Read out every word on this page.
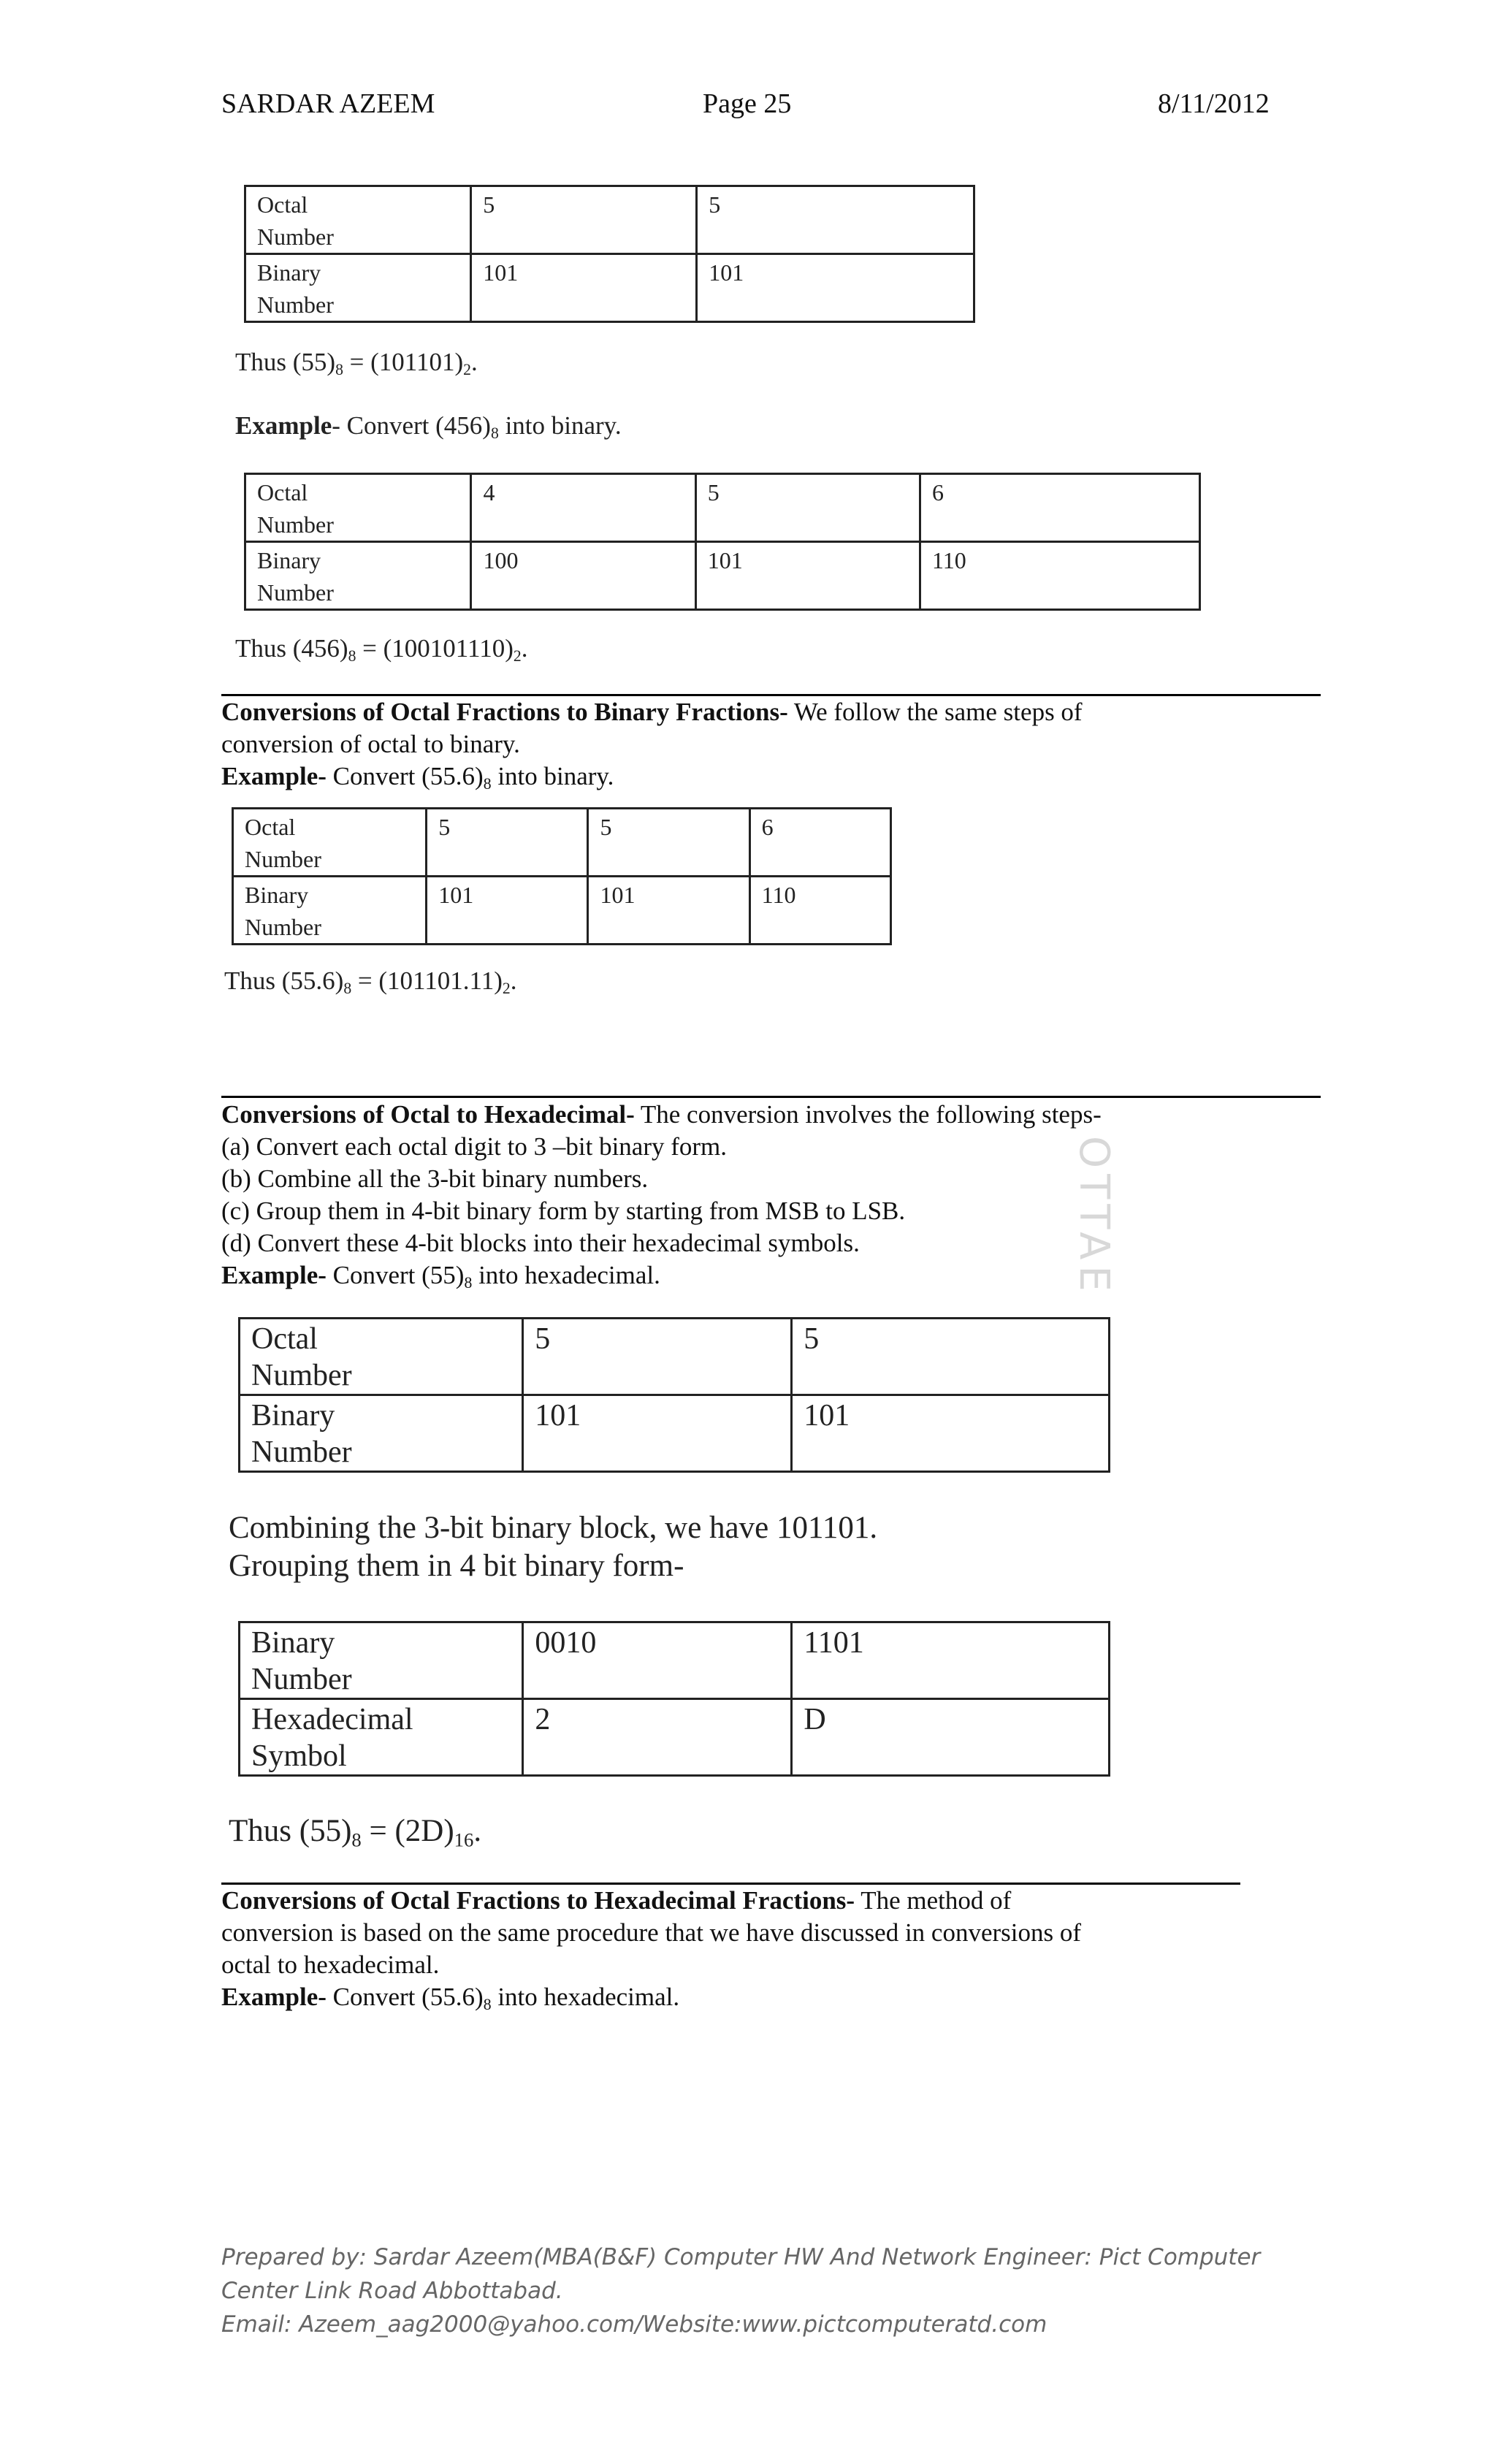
SARDAR AZEEM	Page 25	8/11/2012
Octal
Number	5	5
Binary
Number	101	101
Thus $(55)_8 = (101101)_2$.
Example- Convert $(456)_8$ into binary.
Octal
Number	4	5	6
Binary
Number	100	101	110
Thus $(456)_8 = (100101110)_2$.
Conversions of Octal Fractions to Binary Fractions- We follow the same steps of
conversion of octal to binary.
Example- Convert $(55.6)_8$ into binary.
Octal
Number	5	5	6
Binary
Number	101	101	110
Thus $(55.6)_8 = (101101.11)_2$.
OTTAE
Conversions of Octal to Hexadecimal- The conversion involves the following steps-
(a) Convert each octal digit to 3 –bit binary form.
(b) Combine all the 3-bit binary numbers.
(c) Group them in 4-bit binary form by starting from MSB to LSB.
(d) Convert these 4-bit blocks into their hexadecimal symbols.
Example- Convert $(55)_8$ into hexadecimal.
Octal
Number	5	5
Binary
Number	101	101
Combining the 3-bit binary block, we have 101101.
Grouping them in 4 bit binary form-
Binary
Number	0010	1101
Hexadecimal
Symbol	2	D
Thus $(55)_8 = (2D)_{16}$.
Conversions of Octal Fractions to Hexadecimal Fractions- The method of
conversion is based on the same procedure that we have discussed in conversions of
octal to hexadecimal.
Example- Convert $(55.6)_8$ into hexadecimal.
Prepared by: Sardar Azeem(MBA(B&F) Computer HW And Network Engineer: Pict Computer
Center Link Road Abbottabad.
Email: Azeem_aag2000@yahoo.com/Website:www.pictcomputeratd.com
